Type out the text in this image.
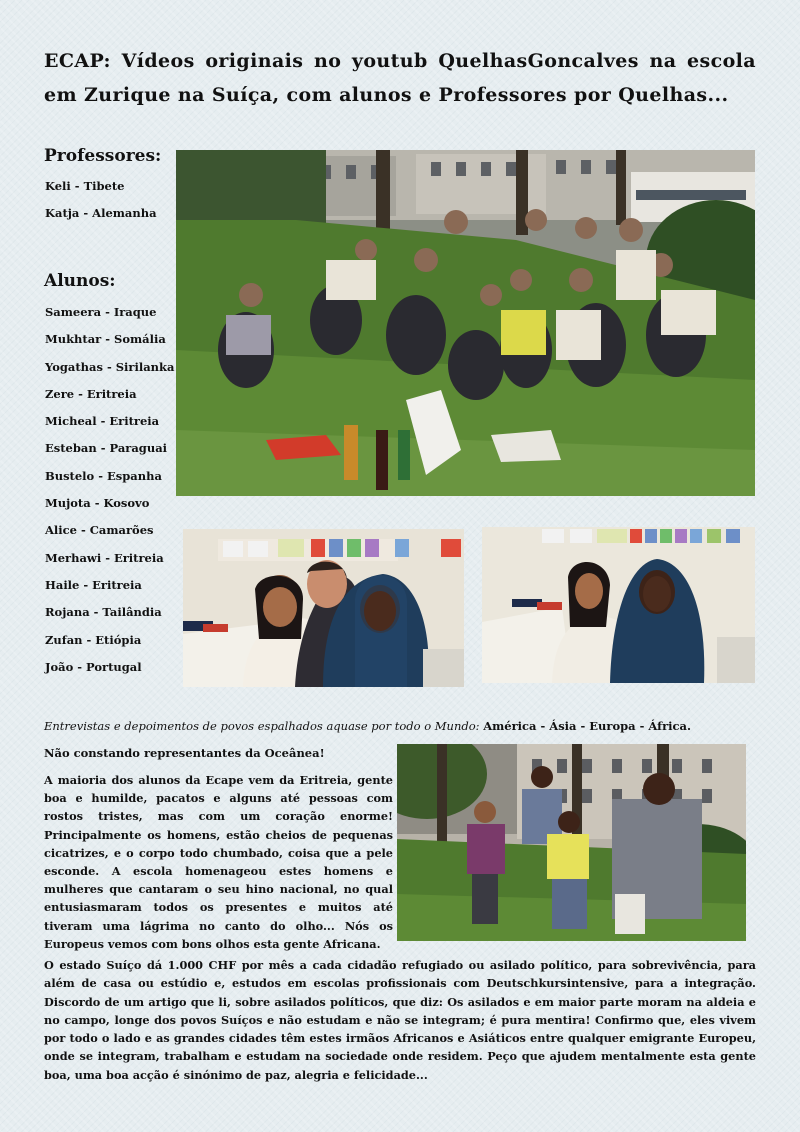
ECAP: Vídeos originais no youtub QuelhasGoncalves na escola em Zurique na Suíça, com alunos e Professores por Quelhas...
Professores:
Keli - Tibete
Katja - Alemanha
Alunos:
Sameera - Iraque
Mukhtar - Somália
Yogathas - Sirilanka
Zere - Eritreia
Micheal - Eritreia
Esteban - Paraguai
Bustelo - Espanha
Mujota - Kosovo
Alice - Camarões
Merhawi - Eritreia
Haile - Eritreia
Rojana - Tailândia
Zufan - Etiópia
João - Portugal
Entrevistas e depoimentos de povos espalhados aquase por todo o Mundo: América - Ásia - Europa - África.
Não constando representantes da Oceânea!
A maioria dos alunos da Ecape vem da Eritreia, gente boa e humilde, pacatos e alguns até pessoas com rostos tristes, mas com um coração enorme! Principalmente os homens, estão cheios de pequenas cicatrizes, e o corpo todo chumbado, coisa que a pele esconde. A escola homenageou estes homens e mulheres que cantaram o seu hino nacional, no qual entusiasmaram todos os presentes e muitos até tiveram uma lágrima no canto do olho... Nós os Europeus vemos com bons olhos esta gente Africana.
O estado Suíço dá 1.000 CHF por mês a cada cidadão refugiado ou asilado político, para sobrevivência, para além de casa ou estúdio e, estudos em escolas profissionais com Deutschkursintensive, para a integração. Discordo de um artigo que li, sobre asilados políticos, que diz: Os asilados e em maior parte moram na aldeia e no campo, longe dos povos Suíços e não estudam e não se integram; é pura mentira! Confirmo que, eles vivem por todo o lado e as grandes cidades têm estes irmãos Africanos e Asiáticos entre qualquer emigrante Europeu, onde se integram, trabalham e estudam na sociedade onde residem. Peço que ajudem mentalmente esta gente boa, uma boa acção é sinónimo de paz, alegria e felicidade...
